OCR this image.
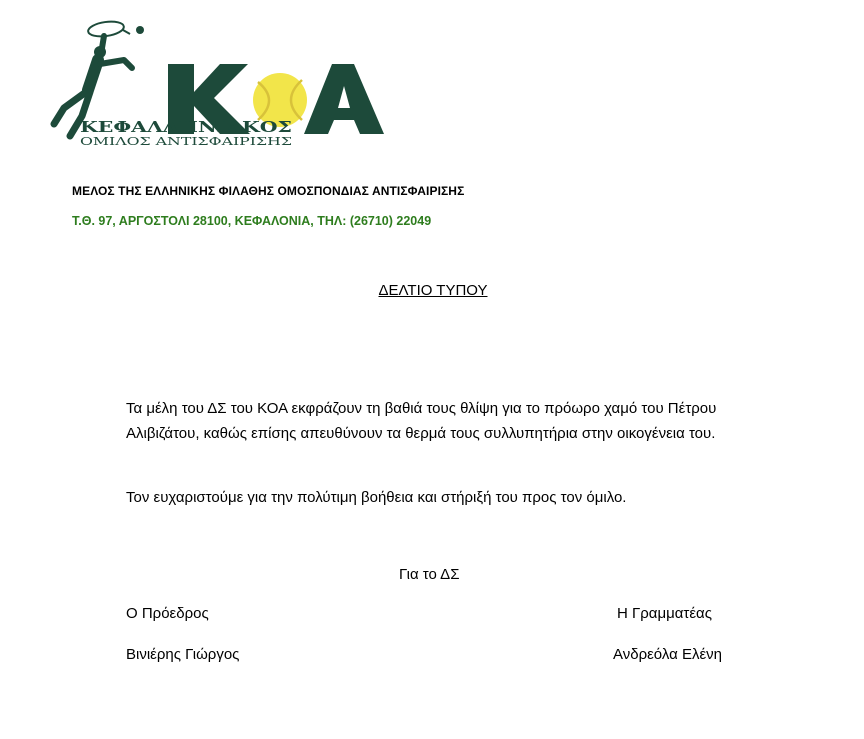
ΚΕΦΑΛΛΗΝΙΑΚΟΣ
ΟΜΙΛΟΣ ΑΝΤΙΣΦΑΙΡΙΣΗΣ
ΜΕΛΟΣ ΤΗΣ ΕΛΛΗΝΙΚΗΣ ΦΙΛΑΘΗΣ ΟΜΟΣΠΟΝΔΙΑΣ ΑΝΤΙΣΦΑΙΡΙΣΗΣ
Τ.Θ. 97, ΑΡΓΟΣΤΟΛΙ 28100, ΚΕΦΑΛΟΝΙΑ, ΤΗΛ: (26710) 22049
ΔΕΛΤΙΟ ΤΥΠΟΥ
Τα μέλη του ΔΣ του ΚΟΑ εκφράζουν τη βαθιά τους θλίψη για το πρόωρο χαμό του Πέτρου Αλιβιζάτου, καθώς επίσης απευθύνουν τα θερμά τους συλλυπητήρια στην οικογένεια του.
Τον ευχαριστούμε για την πολύτιμη βοήθεια και στήριξή του προς τον όμιλο.
Για το ΔΣ
Ο Πρόεδρος	Η Γραμματέας
Βινιέρης Γιώργος	Ανδρεόλα Ελένη
